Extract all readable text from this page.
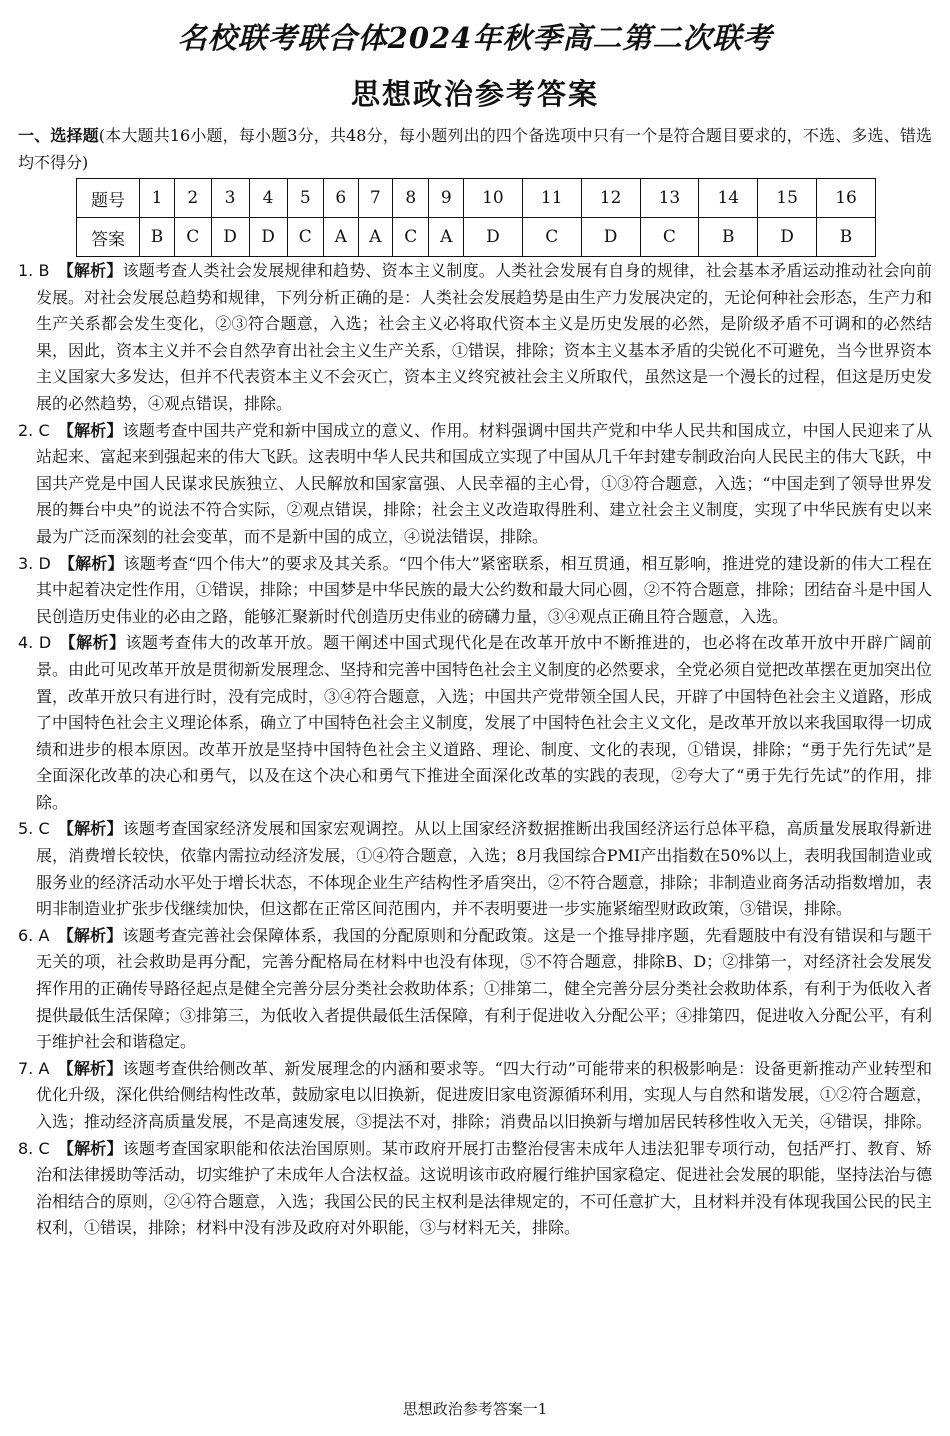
名校联考联合体2024年秋季高二第二次联考
思想政治参考答案
一、选择题(本大题共16小题，每小题3分，共48分，每小题列出的四个备选项中只有一个是符合题目要求的，不选、多选、错选均不得分)
题号	1	2	3	4	5	6	7	8	9	10	11	12	13	14	15	16
答案	B	C	D	D	C	A	A	C	A	D	C	D	C	B	D	B
1. B 【解析】该题考查人类社会发展规律和趋势、资本主义制度。人类社会发展有自身的规律，社会基本矛盾运动推动社会向前发展。对社会发展总趋势和规律，下列分析正确的是：人类社会发展趋势是由生产力发展决定的，无论何种社会形态，生产力和生产关系都会发生变化，②③符合题意，入选；社会主义必将取代资本主义是历史发展的必然，是阶级矛盾不可调和的必然结果，因此，资本主义并不会自然孕育出社会主义生产关系，①错误，排除；资本主义基本矛盾的尖锐化不可避免，当今世界资本主义国家大多发达，但并不代表资本主义不会灭亡，资本主义终究被社会主义所取代，虽然这是一个漫长的过程，但这是历史发展的必然趋势，④观点错误，排除。
2. C 【解析】该题考查中国共产党和新中国成立的意义、作用。材料强调中国共产党和中华人民共和国成立，中国人民迎来了从站起来、富起来到强起来的伟大飞跃。这表明中华人民共和国成立实现了中国从几千年封建专制政治向人民民主的伟大飞跃，中国共产党是中国人民谋求民族独立、人民解放和国家富强、人民幸福的主心骨，①③符合题意，入选；“中国走到了领导世界发展的舞台中央”的说法不符合实际，②观点错误，排除；社会主义改造取得胜利、建立社会主义制度，实现了中华民族有史以来最为广泛而深刻的社会变革，而不是新中国的成立，④说法错误，排除。
3. D 【解析】该题考查“四个伟大”的要求及其关系。“四个伟大”紧密联系，相互贯通，相互影响，推进党的建设新的伟大工程在其中起着决定性作用，①错误，排除；中国梦是中华民族的最大公约数和最大同心圆，②不符合题意，排除；团结奋斗是中国人民创造历史伟业的必由之路，能够汇聚新时代创造历史伟业的磅礴力量，③④观点正确且符合题意，入选。
4. D 【解析】该题考查伟大的改革开放。题干阐述中国式现代化是在改革开放中不断推进的，也必将在改革开放中开辟广阔前景。由此可见改革开放是贯彻新发展理念、坚持和完善中国特色社会主义制度的必然要求，全党必须自觉把改革摆在更加突出位置，改革开放只有进行时，没有完成时，③④符合题意，入选；中国共产党带领全国人民，开辟了中国特色社会主义道路，形成了中国特色社会主义理论体系，确立了中国特色社会主义制度，发展了中国特色社会主义文化，是改革开放以来我国取得一切成绩和进步的根本原因。改革开放是坚持中国特色社会主义道路、理论、制度、文化的表现，①错误，排除；“勇于先行先试”是全面深化改革的决心和勇气，以及在这个决心和勇气下推进全面深化改革的实践的表现，②夸大了“勇于先行先试”的作用，排除。
5. C 【解析】该题考查国家经济发展和国家宏观调控。从以上国家经济数据推断出我国经济运行总体平稳，高质量发展取得新进展，消费增长较快，依靠内需拉动经济发展，①④符合题意，入选；8月我国综合PMI产出指数在50%以上，表明我国制造业或服务业的经济活动水平处于增长状态，不体现企业生产结构性矛盾突出，②不符合题意，排除；非制造业商务活动指数增加，表明非制造业扩张步伐继续加快，但这都在正常区间范围内，并不表明要进一步实施紧缩型财政政策，③错误，排除。
6. A 【解析】该题考查完善社会保障体系，我国的分配原则和分配政策。这是一个推导排序题，先看题肢中有没有错误和与题干无关的项，社会救助是再分配，完善分配格局在材料中也没有体现，⑤不符合题意，排除B、D；②排第一，对经济社会发展发挥作用的正确传导路径起点是健全完善分层分类社会救助体系；①排第二，健全完善分层分类社会救助体系，有利于为低收入者提供最低生活保障；③排第三，为低收入者提供最低生活保障，有利于促进收入分配公平；④排第四，促进收入分配公平，有利于维护社会和谐稳定。
7. A 【解析】该题考查供给侧改革、新发展理念的内涵和要求等。“四大行动”可能带来的积极影响是：设备更新推动产业转型和优化升级，深化供给侧结构性改革，鼓励家电以旧换新，促进废旧家电资源循环利用，实现人与自然和谐发展，①②符合题意，入选；推动经济高质量发展，不是高速发展，③提法不对，排除；消费品以旧换新与增加居民转移性收入无关，④错误，排除。
8. C 【解析】该题考查国家职能和依法治国原则。某市政府开展打击整治侵害未成年人违法犯罪专项行动，包括严打、教育、矫治和法律援助等活动，切实维护了未成年人合法权益。这说明该市政府履行维护国家稳定、促进社会发展的职能，坚持法治与德治相结合的原则，②④符合题意，入选；我国公民的民主权利是法律规定的，不可任意扩大，且材料并没有体现我国公民的民主权利，①错误，排除；材料中没有涉及政府对外职能，③与材料无关，排除。
思想政治参考答案一1
